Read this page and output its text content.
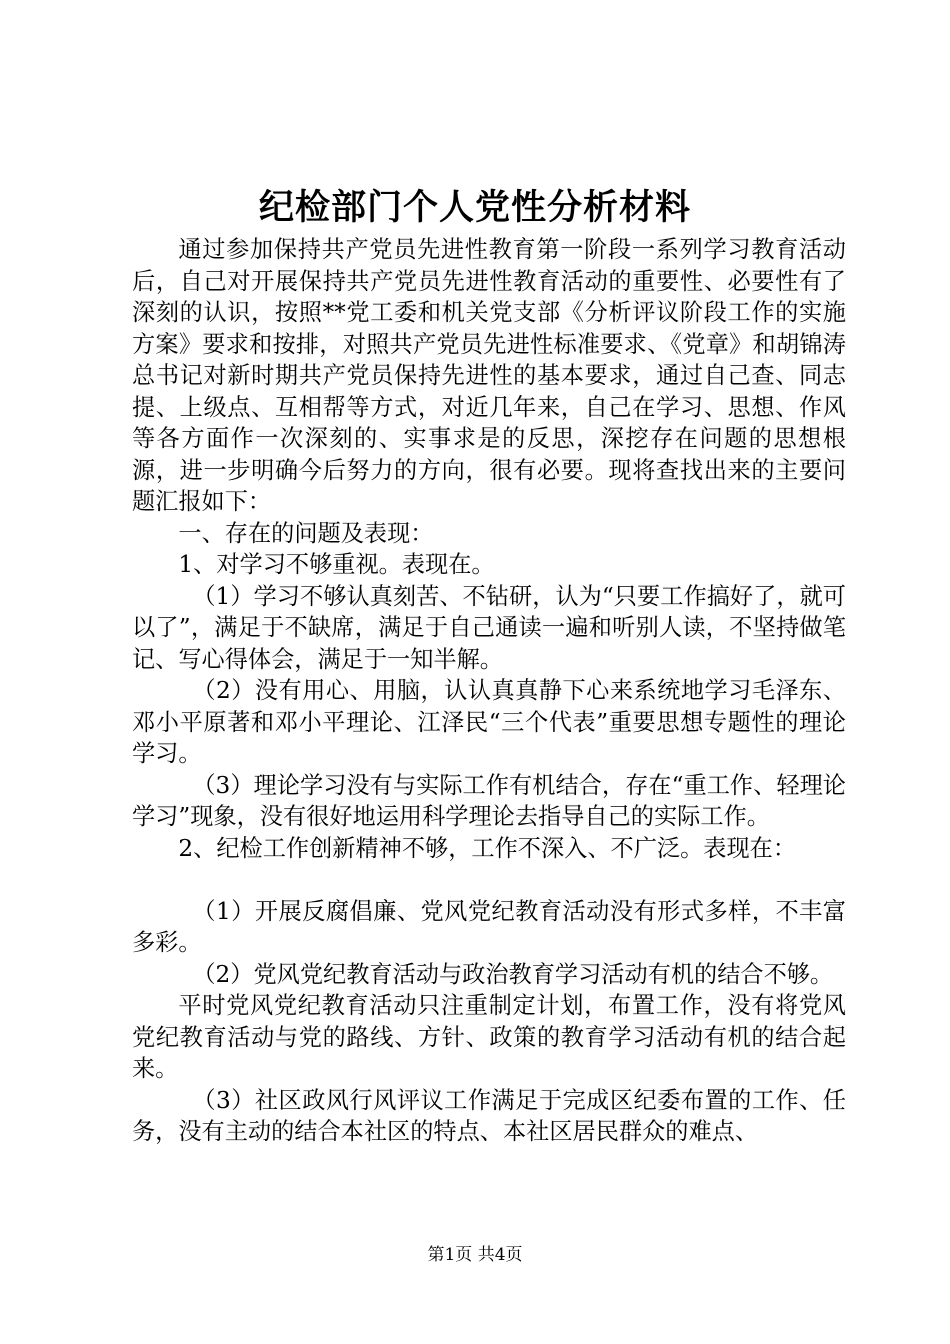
纪检部门个人党性分析材料

通过参加保持共产党员先进性教育第一阶段一系列学习教育活动后，自己对开展保持共产党员先进性教育活动的重要性、必要性有了深刻的认识，按照**党工委和机关党支部《分析评议阶段工作的实施方案》要求和按排，对照共产党员先进性标准要求、《党章》和胡锦涛总书记对新时期共产党员保持先进性的基本要求，通过自己查、同志提、上级点、互相帮等方式，对近几年来，自己在学习、思想、作风等各方面作一次深刻的、实事求是的反思，深挖存在问题的思想根源，进一步明确今后努力的方向，很有必要。现将查找出来的主要问题汇报如下：

一、存在的问题及表现：

1、对学习不够重视。表现在。

（1）学习不够认真刻苦、不钻研，认为“只要工作搞好了，就可以了”，满足于不缺席，满足于自己通读一遍和听别人读，不坚持做笔记、写心得体会，满足于一知半解。

（2）没有用心、用脑，认认真真静下心来系统地学习毛泽东、邓小平原著和邓小平理论、江泽民“三个代表”重要思想专题性的理论学习。

（3）理论学习没有与实际工作有机结合，存在“重工作、轻理论学习”现象，没有很好地运用科学理论去指导自己的实际工作。

2、纪检工作创新精神不够，工作不深入、不广泛。表现在：

（1）开展反腐倡廉、党风党纪教育活动没有形式多样，不丰富多彩。

（2）党风党纪教育活动与政治教育学习活动有机的结合不够。

平时党风党纪教育活动只注重制定计划，布置工作，没有将党风党纪教育活动与党的路线、方针、政策的教育学习活动有机的结合起来。

（3）社区政风行风评议工作满足于完成区纪委布置的工作、任务，没有主动的结合本社区的特点、本社区居民群众的难点、

第1页 共4页
